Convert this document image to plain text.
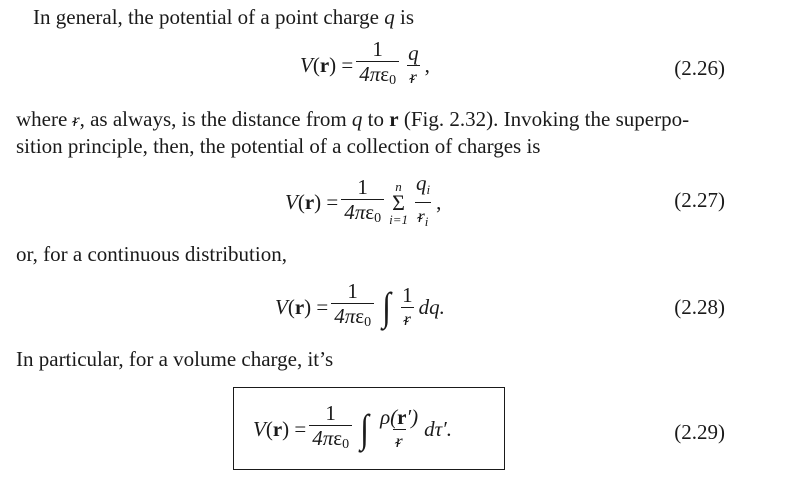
In general, the potential of a point charge q is
$V(r) = \frac{1}{4\pi\varepsilon 0} \frac{q}{\text{ᵲ}}$ ,	(2.26)
where ᵲ, as always, is the distance from q to r (Fig. 2.32). Invoking the superpo-
sition principle, then, the potential of a collection of charges is
$V(r) = \frac{1}{4\pi\varepsilon 0}$ n
Σ
$i=1 \frac{q_i}{ᵲ_i}$ ,	(2.27)
or, for a continuous distribution,
$V(r) = \frac{1}{4\pi\varepsilon 0}$ ∫ $\frac{1}{\text{ᵲ}}$ dq.	(2.28)
In particular, for a volume charge, it’s
$V(r) = \frac{1}{4\pi\varepsilon 0}$ ∫ $\frac{\rho(r')}{\text{ᵲ}} d\tau'$.	(2.29)
